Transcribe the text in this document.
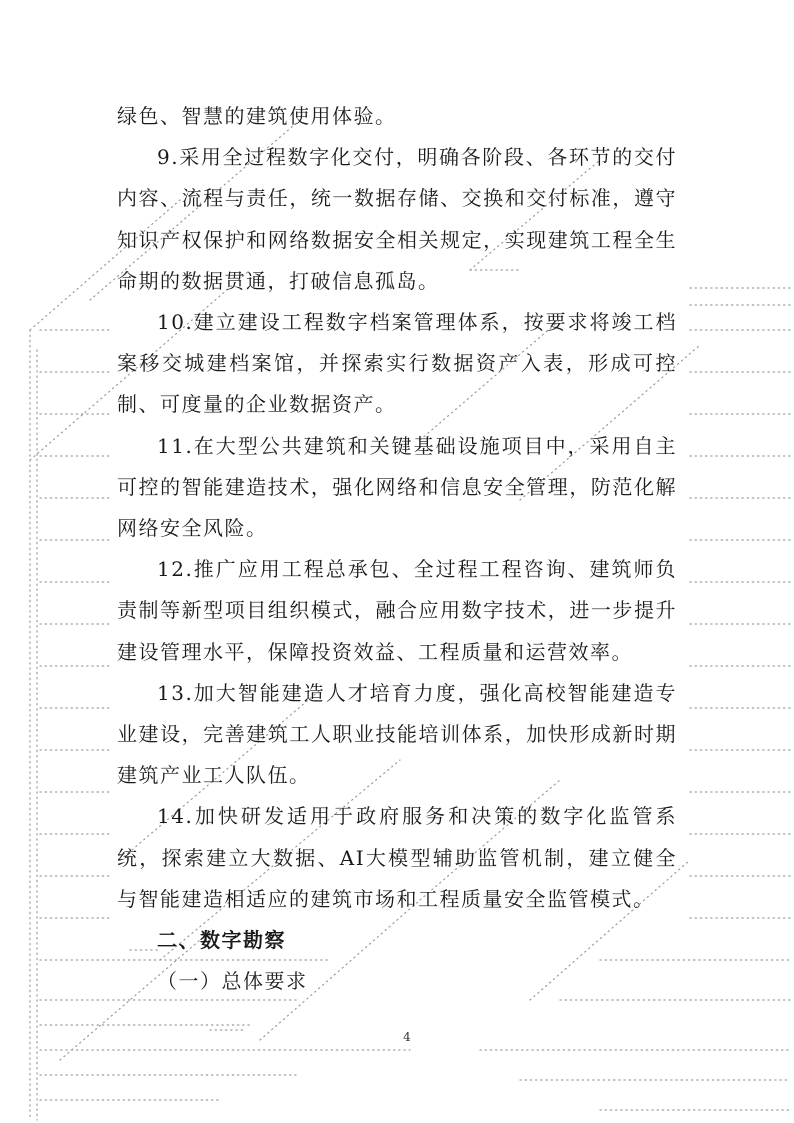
绿色、智慧的建筑使用体验。

9.采用全过程数字化交付，明确各阶段、各环节的交付内容、流程与责任，统一数据存储、交换和交付标准，遵守知识产权保护和网络数据安全相关规定，实现建筑工程全生命期的数据贯通，打破信息孤岛。

10.建立建设工程数字档案管理体系，按要求将竣工档案移交城建档案馆，并探索实行数据资产入表，形成可控制、可度量的企业数据资产。

11.在大型公共建筑和关键基础设施项目中，采用自主可控的智能建造技术，强化网络和信息安全管理，防范化解网络安全风险。

12.推广应用工程总承包、全过程工程咨询、建筑师负责制等新型项目组织模式，融合应用数字技术，进一步提升建设管理水平，保障投资效益、工程质量和运营效率。

13.加大智能建造人才培育力度，强化高校智能建造专业建设，完善建筑工人职业技能培训体系，加快形成新时期建筑产业工人队伍。

14.加快研发适用于政府服务和决策的数字化监管系统，探索建立大数据、AI大模型辅助监管机制，建立健全与智能建造相适应的建筑市场和工程质量安全监管模式。

二、数字勘察

（一）总体要求

4
